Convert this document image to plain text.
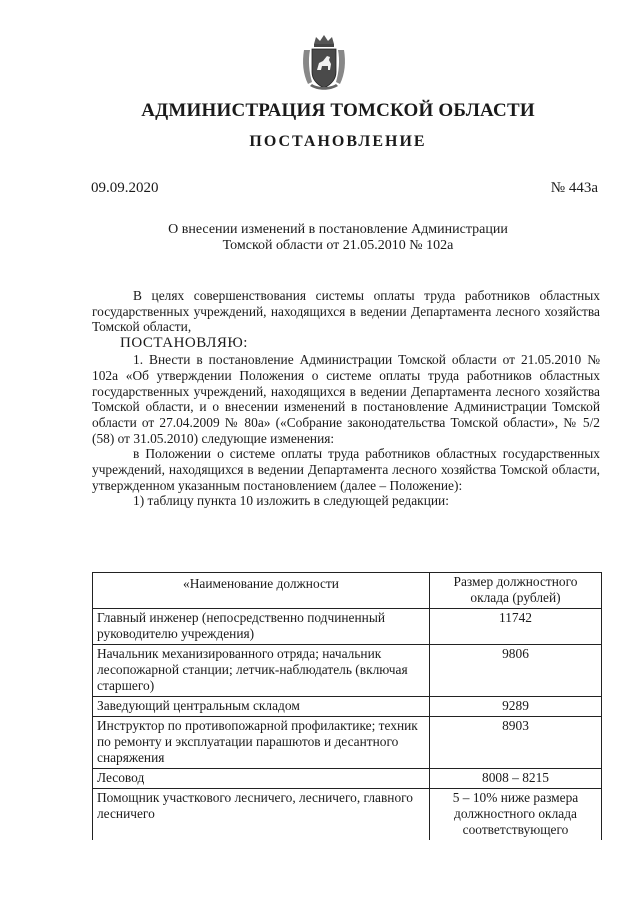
АДМИНИСТРАЦИЯ ТОМСКОЙ ОБЛАСТИ
ПОСТАНОВЛЕНИЕ
09.09.2020	№ 443а
О внесении изменений в постановление Администрации
Томской области от 21.05.2010 № 102а

В целях совершенствования системы оплаты труда работников областных государственных учреждений, находящихся в ведении Департамента лесного хозяйства Томской области,

ПОСТАНОВЛЯЮ:

1. Внести в постановление Администрации Томской области от 21.05.2010 № 102а «Об утверждении Положения о системе оплаты труда работников областных государственных учреждений, находящихся в ведении Департамента лесного хозяйства Томской области, и о внесении изменений в постановление Администрации Томской области от 27.04.2009 № 80а» («Собрание законодательства Томской области», № 5/2 (58) от 31.05.2010) следующие изменения:

в Положении о системе оплаты труда работников областных государственных учреждений, находящихся в ведении Департамента лесного хозяйства Томской области, утвержденном указанным постановлением (далее – Положение):

1) таблицу пункта 10 изложить в следующей редакции:

«Наименование должности	Размер должностного оклада (рублей)
Главный инженер (непосредственно подчиненный руководителю учреждения)	11742
Начальник механизированного отряда; начальник лесопожарной станции; летчик-наблюдатель (включая старшего)	9806
Заведующий центральным складом	9289
Инструктор по противопожарной профилактике; техник по ремонту и эксплуатации парашютов и десантного снаряжения	8903
Лесовод	8008 – 8215
Помощник участкового лесничего, лесничего, главного лесничего	5 – 10% ниже размера должностного оклада соответствующего
